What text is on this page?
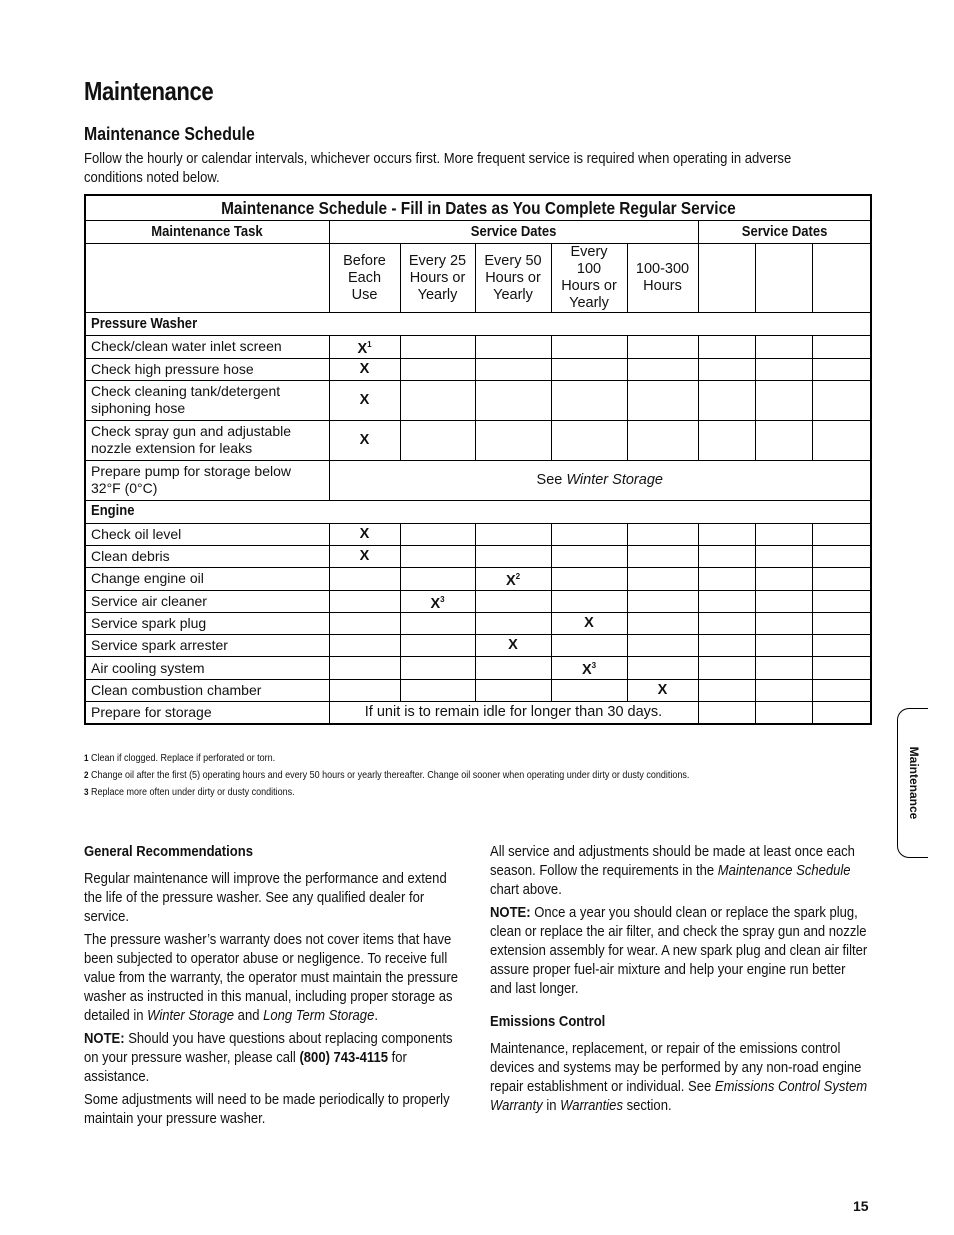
Maintenance
Maintenance Schedule
Follow the hourly or calendar intervals, whichever occurs first. More frequent service is required when operating in adverse conditions noted below.
Maintenance Schedule - Fill in Dates as You Complete Regular Service								
Maintenance Task	Service Dates					Service Dates		
	Before Each Use	Every 25 Hours or Yearly	Every 50 Hours or Yearly	Every 100 Hours or Yearly	100-300 Hours			
Pressure Washer								
Check/clean water inlet screen	$X^1$							
Check high pressure hose	X							
Check cleaning tank/detergent siphoning hose	X							
Check spray gun and adjustable nozzle extension for leaks	X							
Prepare pump for storage below 32°F (0°C)	See Winter Storage							
Engine								
Check oil level	X							
Clean debris	X							
Change engine oil			$X^2$					
Service air cleaner		$X^3$						
Service spark plug				X				
Service spark arrester			X					
Air cooling system				$X^3$				
Clean combustion chamber					X			
Prepare for storage	If unit is to remain idle for longer than 30 days.							
1 Clean if clogged. Replace if perforated or torn.
2 Change oil after the first (5) operating hours and every 50 hours or yearly thereafter. Change oil sooner when operating under dirty or dusty conditions.
3 Replace more often under dirty or dusty conditions.
General Recommendations

Regular maintenance will improve the performance and extend the life of the pressure washer. See any qualified dealer for service.

The pressure washer’s warranty does not cover items that have been subjected to operator abuse or negligence. To receive full value from the warranty, the operator must maintain the pressure washer as instructed in this manual, including proper storage as detailed in Winter Storage and Long Term Storage.

NOTE: Should you have questions about replacing components on your pressure washer, please call (800) 743-4115 for assistance.

Some adjustments will need to be made periodically to properly maintain your pressure washer.

All service and adjustments should be made at least once each season. Follow the requirements in the Maintenance Schedule chart above.

NOTE: Once a year you should clean or replace the spark plug, clean or replace the air filter, and check the spray gun and nozzle extension assembly for wear. A new spark plug and clean air filter assure proper fuel-air mixture and help your engine run better and last longer.

Emissions Control

Maintenance, replacement, or repair of the emissions control devices and systems may be performed by any non-road engine repair establishment or individual. See Emissions Control System Warranty in Warranties section.

Maintenance
15
